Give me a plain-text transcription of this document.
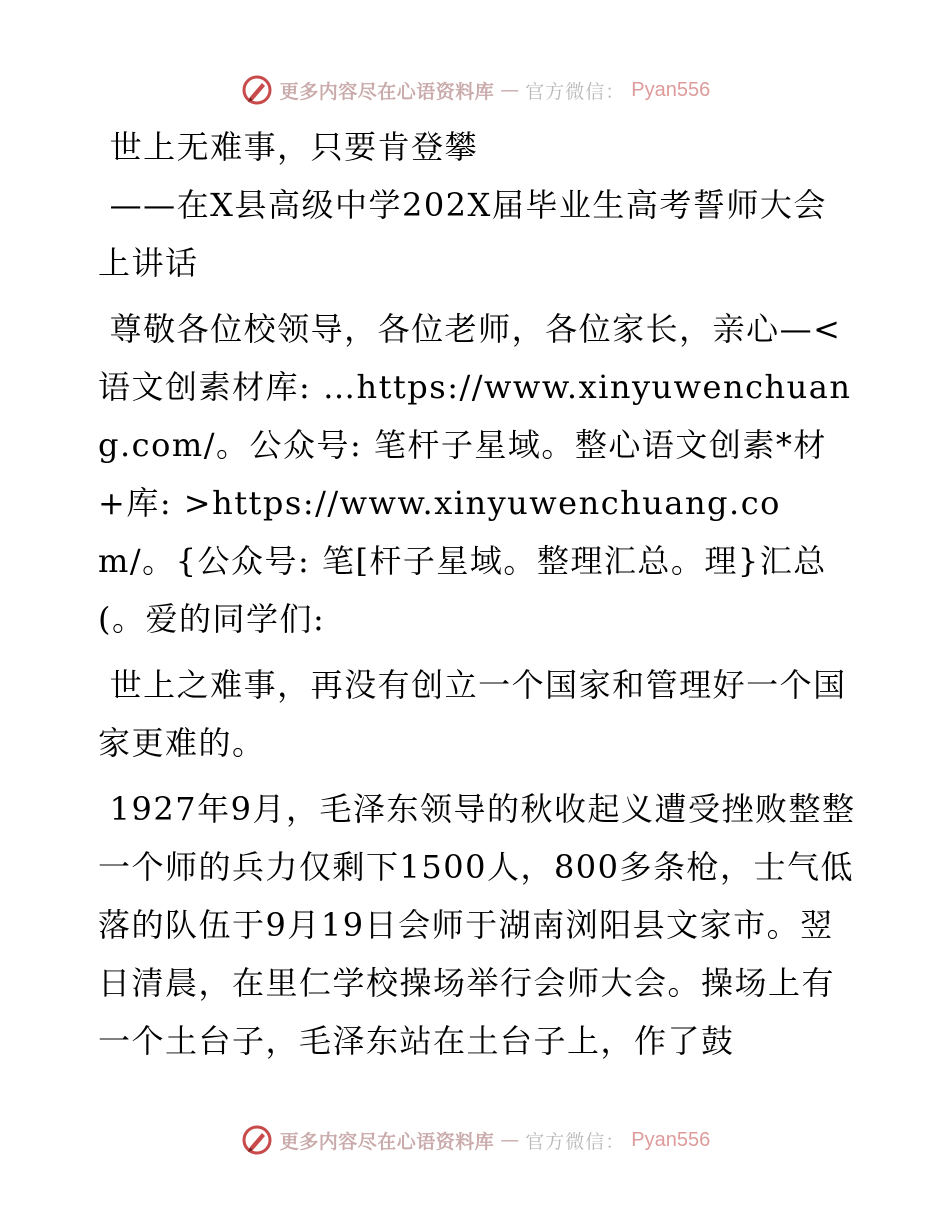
更多内容尽在心语资料库 — 官方微信： Pyan556

世上无难事，只要肯登攀

——在X县高级中学202X届毕业生高考誓师大会上讲话

尊敬各位校领导，各位老师，各位家长，亲心—<语文创素材库: …https://www.xinyuwenchuang.com/。公众号: 笔杆子星域。整心语文创素*材+库: >https://www.xinyuwenchuang.com/。{公众号: 笔[杆子星域。整理汇总。理}汇总(。爱的同学们:

世上之难事，再没有创立一个国家和管理好一个国家更难的。

1927年9月，毛泽东领导的秋收起义遭受挫败整整一个师的兵力仅剩下1500人，800多条枪，士气低落的队伍于9月19日会师于湖南浏阳县文家市。翌日清晨，在里仁学校操场举行会师大会。操场上有一个土台子，毛泽东站在土台子上，作了鼓

更多内容尽在心语资料库 — 官方微信： Pyan556
